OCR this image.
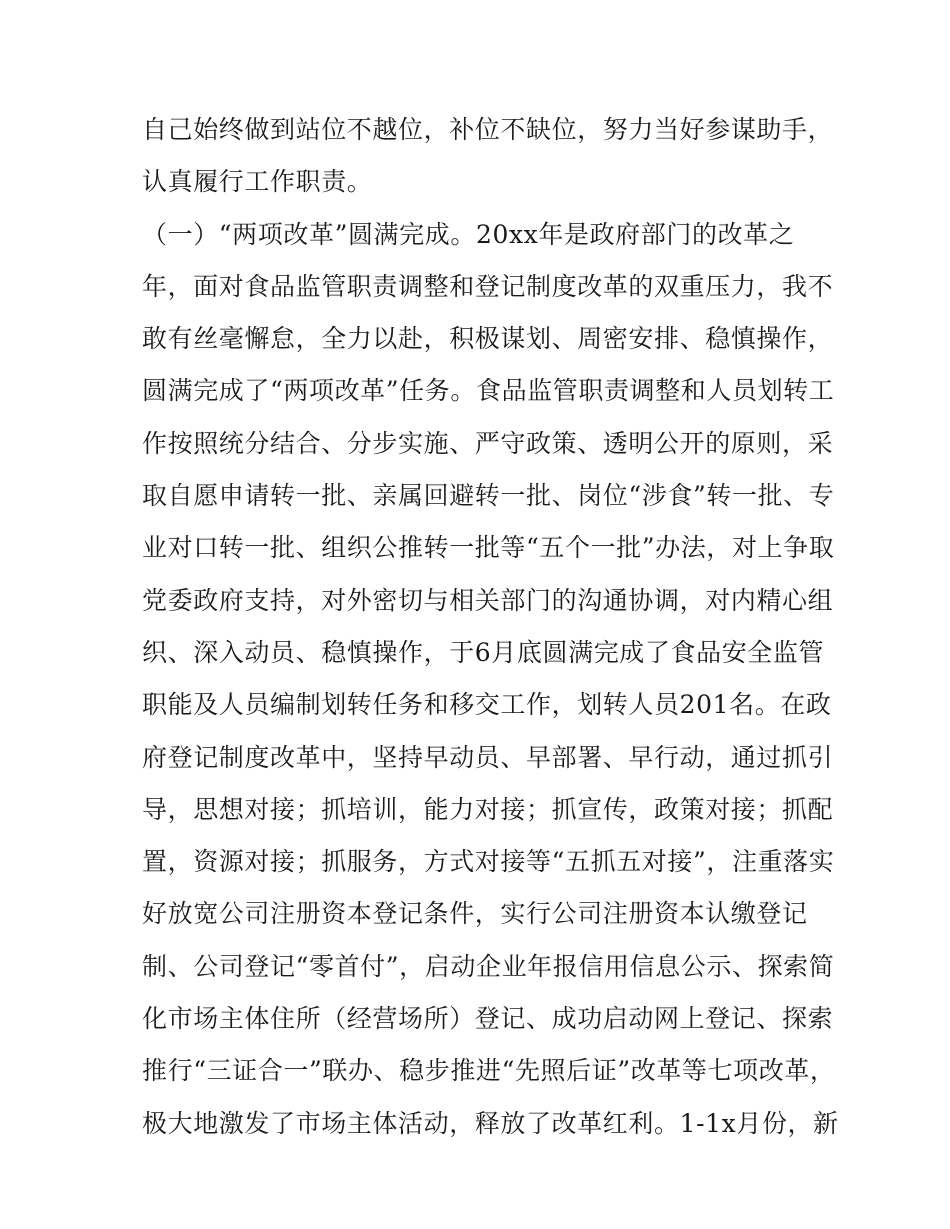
自己始终做到站位不越位，补位不缺位，努力当好参谋助手，
认真履行工作职责。
（一）“两项改革”圆满完成。20xx年是政府部门的改革之
年，面对食品监管职责调整和登记制度改革的双重压力，我不
敢有丝毫懈怠，全力以赴，积极谋划、周密安排、稳慎操作，
圆满完成了“两项改革”任务。食品监管职责调整和人员划转工
作按照统分结合、分步实施、严守政策、透明公开的原则，采
取自愿申请转一批、亲属回避转一批、岗位“涉食”转一批、专
业对口转一批、组织公推转一批等“五个一批”办法，对上争取
党委政府支持，对外密切与相关部门的沟通协调，对内精心组
织、深入动员、稳慎操作，于6月底圆满完成了食品安全监管
职能及人员编制划转任务和移交工作，划转人员201名。在政
府登记制度改革中，坚持早动员、早部署、早行动，通过抓引
导，思想对接；抓培训，能力对接；抓宣传，政策对接；抓配
置，资源对接；抓服务，方式对接等“五抓五对接”，注重落实
好放宽公司注册资本登记条件，实行公司注册资本认缴登记
制、公司登记“零首付”，启动企业年报信用信息公示、探索简
化市场主体住所（经营场所）登记、成功启动网上登记、探索
推行“三证合一”联办、稳步推进“先照后证”改革等七项改革，
极大地激发了市场主体活动，释放了改革红利。1-1x月份，新
